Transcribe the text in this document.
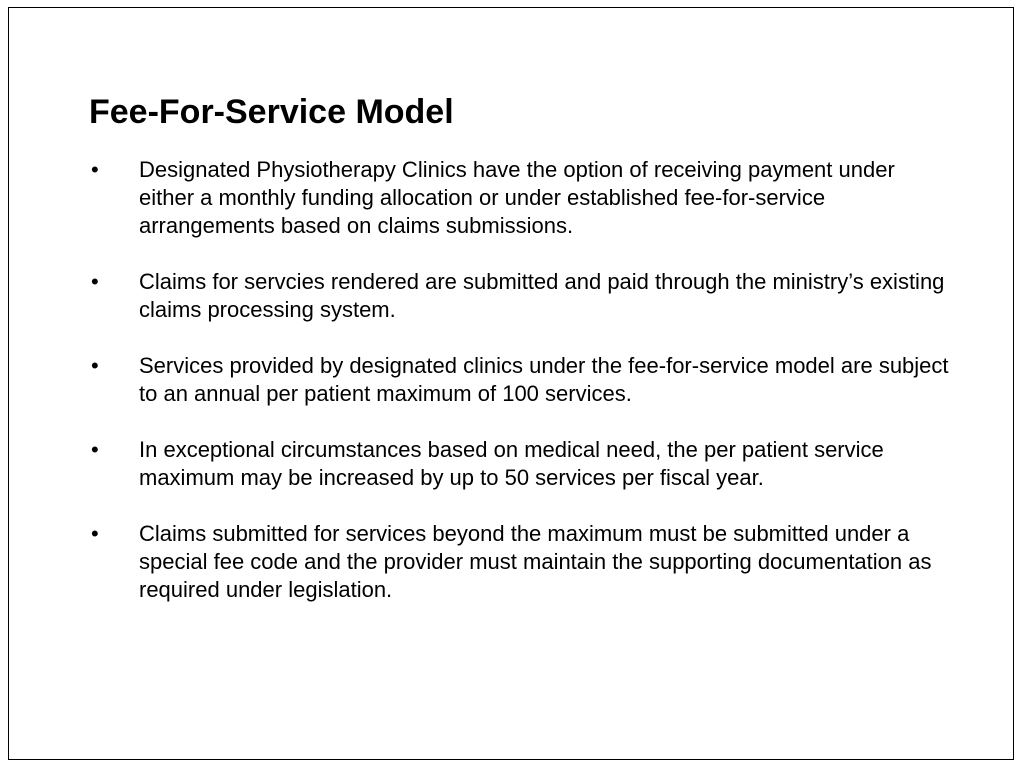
Fee-For-Service Model
•	Designated Physiotherapy Clinics have the option of receiving payment under either a monthly funding allocation or under established fee-for-service arrangements based on claims submissions.
•	Claims for servcies rendered are submitted and paid through the ministry’s existing claims processing system.
•	Services provided by designated clinics under the fee-for-service model are subject to an annual per patient maximum of 100 services.
•	In exceptional circumstances based on medical need, the per patient service maximum may be increased by up to 50 services per fiscal year.
•	Claims submitted for services beyond the maximum must be submitted under a special fee code and the provider must maintain the supporting documentation as required under legislation.
